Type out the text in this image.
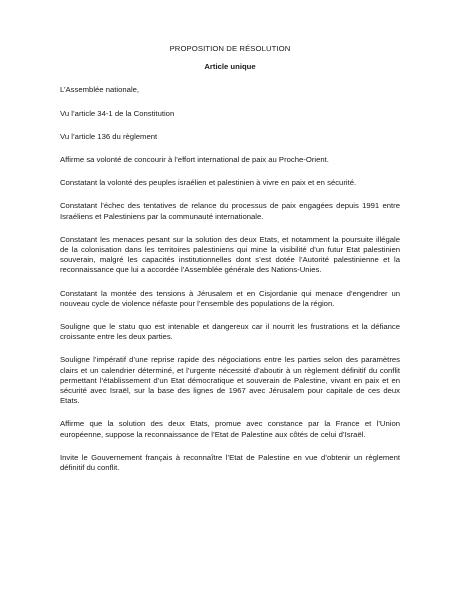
PROPOSITION DE RÉSOLUTION

Article unique

L’Assemblée nationale,

Vu l’article 34-1 de la Constitution

Vu l’article 136 du règlement

Affirme sa volonté de concourir à l’effort international de paix au Proche-Orient.

Constatant la volonté des peuples israélien et palestinien à vivre en paix et en sécurité.

Constatant l’échec des tentatives de relance du processus de paix engagées depuis 1991 entre Israéliens et Palestiniens par la communauté internationale.

Constatant les menaces pesant sur la solution des deux Etats, et notamment la poursuite illégale de la colonisation dans les territoires palestiniens qui mine la visibilité d’un futur Etat palestinien souverain, malgré les capacités institutionnelles dont s’est dotée l’Autorité palestinienne et la reconnaissance que lui a accordée l’Assemblée générale des Nations-Unies.

Constatant la montée des tensions à Jérusalem et en Cisjordanie qui menace d’engendrer un nouveau cycle de violence néfaste pour l’ensemble des populations de la région.

Souligne que le statu quo est intenable et dangereux car il nourrit les frustrations et la défiance croissante entre les deux parties.

Souligne l’impératif d’une reprise rapide des négociations entre les parties selon des paramètres clairs et un calendrier déterminé, et l’urgente nécessité d’aboutir à un règlement définitif du conflit permettant l’établissement d’un Etat démocratique et souverain de Palestine, vivant en paix et en sécurité avec Israël, sur la base des lignes de 1967 avec Jérusalem pour capitale de ces deux Etats.

Affirme que la solution des deux Etats, promue avec constance par la France et l’Union européenne, suppose la reconnaissance de l’Etat de Palestine aux côtés de celui d’Israël.

Invite le Gouvernement français à reconnaître l’Etat de Palestine en vue d’obtenir un règlement définitif du conflit.
